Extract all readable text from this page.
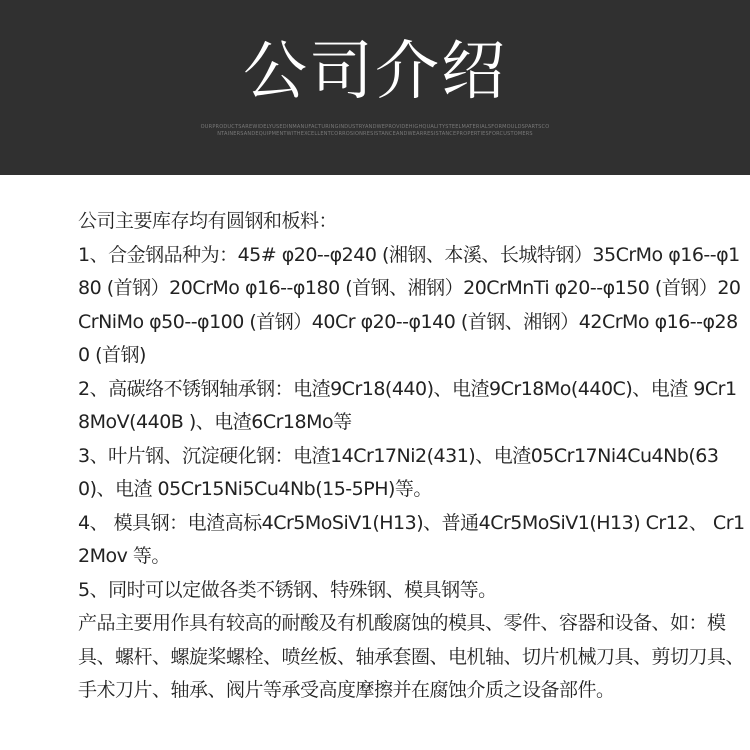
公司介绍
OURPRODUCTSAREWIDELYUSEDINMANUFACTURINGINDUSTRYANDWEPROVIDEHIGHQUALITYSTEELMATERIALSFORMOULDSPARTSCONTAINERSANDEQUIPMENTWITHEXCELLENTCORROSIONRESISTANCEANDWEARRESISTANCEPROPERTIESFORCUSTOMERS

公司主要库存均有圆钢和板料：

1、合金钢品种为：45# φ20--φ240 (湘钢、本溪、长城特钢）35CrMo φ16--φ180 (首钢）20CrMo φ16--φ180 (首钢、湘钢）20CrMnTi φ20--φ150 (首钢）20CrNiMo φ50--φ100 (首钢）40Cr φ20--φ140 (首钢、湘钢）42CrMo φ16--φ280 (首钢)

2、高碳络不锈钢轴承钢：电渣9Cr18(440)、电渣9Cr18Mo(440C)、电渣 9Cr18MoV(440B )、电渣6Cr18Mo等

3、叶片钢、沉淀硬化钢：电渣14Cr17Ni2(431)、电渣05Cr17Ni4Cu4Nb(630)、电渣 05Cr15Ni5Cu4Nb(15-5PH)等。

4、 模具钢：电渣高标4Cr5MoSiV1(H13)、普通4Cr5MoSiV1(H13) Cr12、 Cr12Mov 等。

5、同时可以定做各类不锈钢、特殊钢、模具钢等。

产品主要用作具有较高的耐酸及有机酸腐蚀的模具、零件、容器和设备、如：模具、螺杆、螺旋桨螺栓、喷丝板、轴承套圈、电机轴、切片机械刀具、剪切刀具、手术刀片、轴承、阀片等承受高度摩擦并在腐蚀介质之设备部件。
